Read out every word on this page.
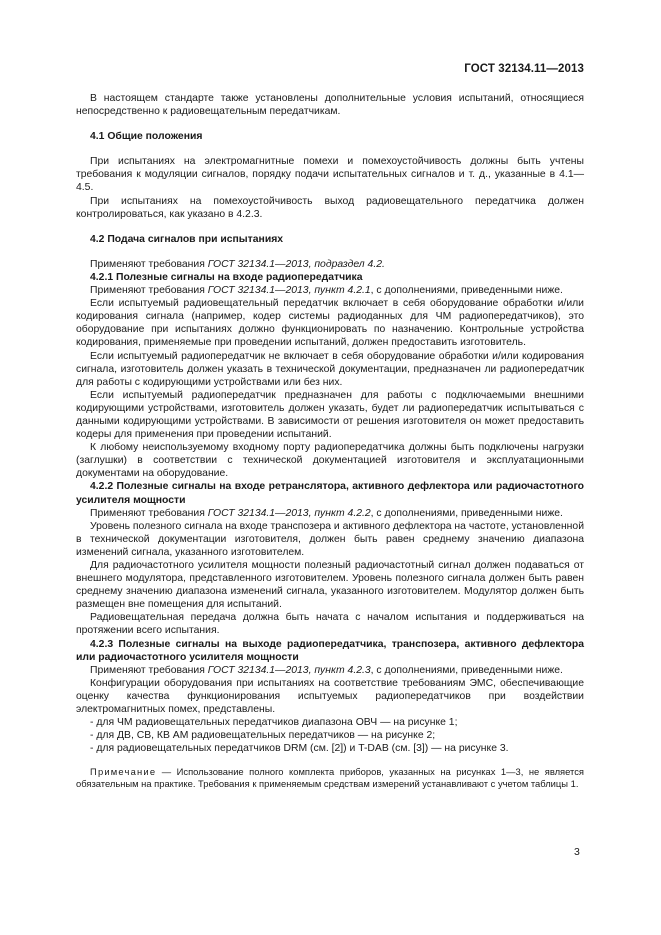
ГОСТ 32134.11—2013

В настоящем стандарте также установлены дополнительные условия испытаний, относящиеся непосредственно к радиовещательным передатчикам.

4.1 Общие положения

При испытаниях на электромагнитные помехи и помехоустойчивость должны быть учтены требования к модуляции сигналов, порядку подачи испытательных сигналов и т. д., указанные в 4.1—4.5.

При испытаниях на помехоустойчивость выход радиовещательного передатчика должен контролироваться, как указано в 4.2.3.

4.2 Подача сигналов при испытаниях

Применяют требования ГОСТ 32134.1—2013, подраздел 4.2.

4.2.1 Полезные сигналы на входе радиопередатчика

Применяют требования ГОСТ 32134.1—2013, пункт 4.2.1, с дополнениями, приведенными ниже.

Если испытуемый радиовещательный передатчик включает в себя оборудование обработки и/или кодирования сигнала (например, кодер системы радиоданных для ЧМ радиопередатчиков), это оборудование при испытаниях должно функционировать по назначению. Контрольные устройства кодирования, применяемые при проведении испытаний, должен предоставить изготовитель.

Если испытуемый радиопередатчик не включает в себя оборудование обработки и/или кодирования сигнала, изготовитель должен указать в технической документации, предназначен ли радиопередатчик для работы с кодирующими устройствами или без них.

Если испытуемый радиопередатчик предназначен для работы с подключаемыми внешними кодирующими устройствами, изготовитель должен указать, будет ли радиопередатчик испытываться с данными кодирующими устройствами. В зависимости от решения изготовителя он может предоставить кодеры для применения при проведении испытаний.

К любому неиспользуемому входному порту радиопередатчика должны быть подключены нагрузки (заглушки) в соответствии с технической документацией изготовителя и эксплуатационными документами на оборудование.

4.2.2 Полезные сигналы на входе ретранслятора, активного дефлектора или радиочастотного усилителя мощности

Применяют требования ГОСТ 32134.1—2013, пункт 4.2.2, с дополнениями, приведенными ниже.

Уровень полезного сигнала на входе транспозера и активного дефлектора на частоте, установленной в технической документации изготовителя, должен быть равен среднему значению диапазона изменений сигнала, указанного изготовителем.

Для радиочастотного усилителя мощности полезный радиочастотный сигнал должен подаваться от внешнего модулятора, представленного изготовителем. Уровень полезного сигнала должен быть равен среднему значению диапазона изменений сигнала, указанного изготовителем. Модулятор должен быть размещен вне помещения для испытаний.

Радиовещательная передача должна быть начата с началом испытания и поддерживаться на протяжении всего испытания.

4.2.3 Полезные сигналы на выходе радиопередатчика, транспозера, активного дефлектора или радиочастотного усилителя мощности

Применяют требования ГОСТ 32134.1—2013, пункт 4.2.3, с дополнениями, приведенными ниже.

Конфигурации оборудования при испытаниях на соответствие требованиям ЭМС, обеспечивающие оценку качества функционирования испытуемых радиопередатчиков при воздействии электромагнитных помех, представлены.

- для ЧМ радиовещательных передатчиков диапазона ОВЧ — на рисунке 1;
- для ДВ, СВ, КВ АМ радиовещательных передатчиков — на рисунке 2;
- для радиовещательных передатчиков DRM (см. [2]) и T-DAB (см. [3]) — на рисунке 3.
Примечание — Использование полного комплекта приборов, указанных на рисунках 1—3, не является обязательным на практике. Требования к применяемым средствам измерений устанавливают с учетом таблицы 1.
3
